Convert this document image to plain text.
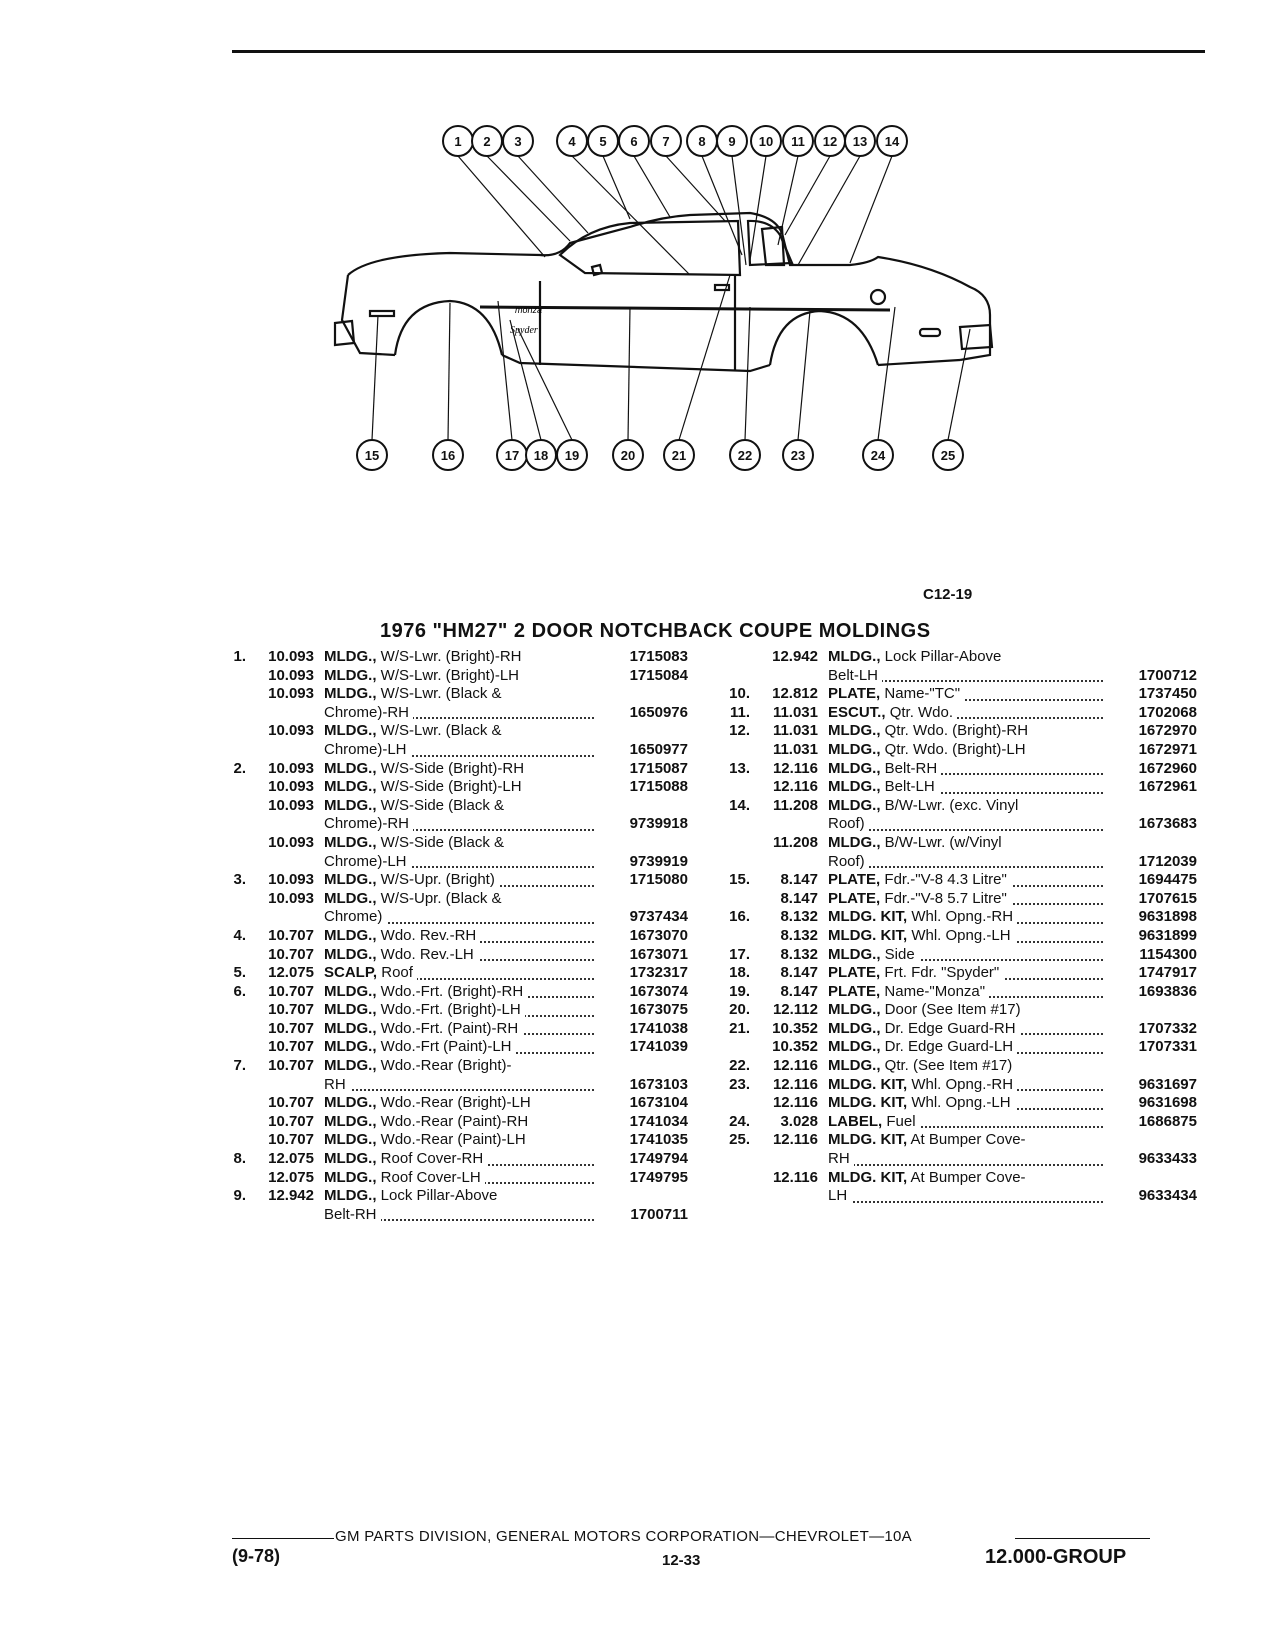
monza
Spyder
1 2 3	4 5 6 7 8 9 10 11 12 13 14
15	16	17 18 19	20	21	22	23	24	25
C12-19
1976 "HM27" 2 DOOR NOTCHBACK COUPE MOLDINGS
1.	10.093 MLDG., W/S-Lwr. (Bright)-RH	1715083
10.093 MLDG., W/S-Lwr. (Bright)-LH	1715084
10.093 MLDG., W/S-Lwr. (Black &
Chrome)-RH	1650976
10.093 MLDG., W/S-Lwr. (Black &
Chrome)-LH	1650977
2.	10.093 MLDG., W/S-Side (Bright)-RH	1715087
10.093 MLDG., W/S-Side (Bright)-LH	1715088
10.093 MLDG., W/S-Side (Black &
Chrome)-RH	9739918
10.093 MLDG., W/S-Side (Black &
Chrome)-LH	9739919
3.	10.093 MLDG., W/S-Upr. (Bright)	1715080
10.093 MLDG., W/S-Upr. (Black &
Chrome)	9737434
4.	10.707 MLDG., Wdo. Rev.-RH	1673070
10.707 MLDG., Wdo. Rev.-LH	1673071
5.	12.075 SCALP, Roof	1732317
6.	10.707 MLDG., Wdo.-Frt. (Bright)-RH	1673074
10.707 MLDG., Wdo.-Frt. (Bright)-LH	1673075
10.707 MLDG., Wdo.-Frt. (Paint)-RH	1741038
10.707 MLDG., Wdo.-Frt (Paint)-LH	1741039
7.	10.707 MLDG., Wdo.-Rear (Bright)-
RH	1673103
10.707 MLDG., Wdo.-Rear (Bright)-LH	1673104
10.707 MLDG., Wdo.-Rear (Paint)-RH	1741034
10.707 MLDG., Wdo.-Rear (Paint)-LH	1741035
8.	12.075 MLDG., Roof Cover-RH	1749794
12.075 MLDG., Roof Cover-LH	1749795
9.	12.942 MLDG., Lock Pillar-Above
Belt-RH	1700711
12.942 MLDG., Lock Pillar-Above
Belt-LH	1700712
10.	12.812 PLATE, Name-"TC"	1737450
11.	11.031 ESCUT., Qtr. Wdo.	1702068
12.	11.031 MLDG., Qtr. Wdo. (Bright)-RH	1672970
11.031 MLDG., Qtr. Wdo. (Bright)-LH	1672971
13.	12.116 MLDG., Belt-RH	1672960
12.116 MLDG., Belt-LH	1672961
14.	11.208 MLDG., B/W-Lwr. (exc. Vinyl
Roof)	1673683
11.208 MLDG., B/W-Lwr. (w/Vinyl
Roof)	1712039
15.	8.147 PLATE, Fdr.-"V-8 4.3 Litre"	1694475
8.147 PLATE, Fdr.-"V-8 5.7 Litre"	1707615
16.	8.132 MLDG. KIT, Whl. Opng.-RH	9631898
8.132 MLDG. KIT, Whl. Opng.-LH	9631899
17.	8.132 MLDG., Side	1154300
18.	8.147 PLATE, Frt. Fdr. "Spyder"	1747917
19.	8.147 PLATE, Name-"Monza"	1693836
20.	12.112 MLDG., Door (See Item #17)
21.	10.352 MLDG., Dr. Edge Guard-RH	1707332
10.352 MLDG., Dr. Edge Guard-LH	1707331
22.	12.116 MLDG., Qtr. (See Item #17)
23.	12.116 MLDG. KIT, Whl. Opng.-RH	9631697
12.116 MLDG. KIT, Whl. Opng.-LH	9631698
24.	3.028 LABEL, Fuel	1686875
25.	12.116 MLDG. KIT, At Bumper Cove-
RH	9633433
12.116 MLDG. KIT, At Bumper Cove-
LH	9633434
GM PARTS DIVISION, GENERAL MOTORS CORPORATION—CHEVROLET—10A
(9-78)	12-33	12.000-GROUP
